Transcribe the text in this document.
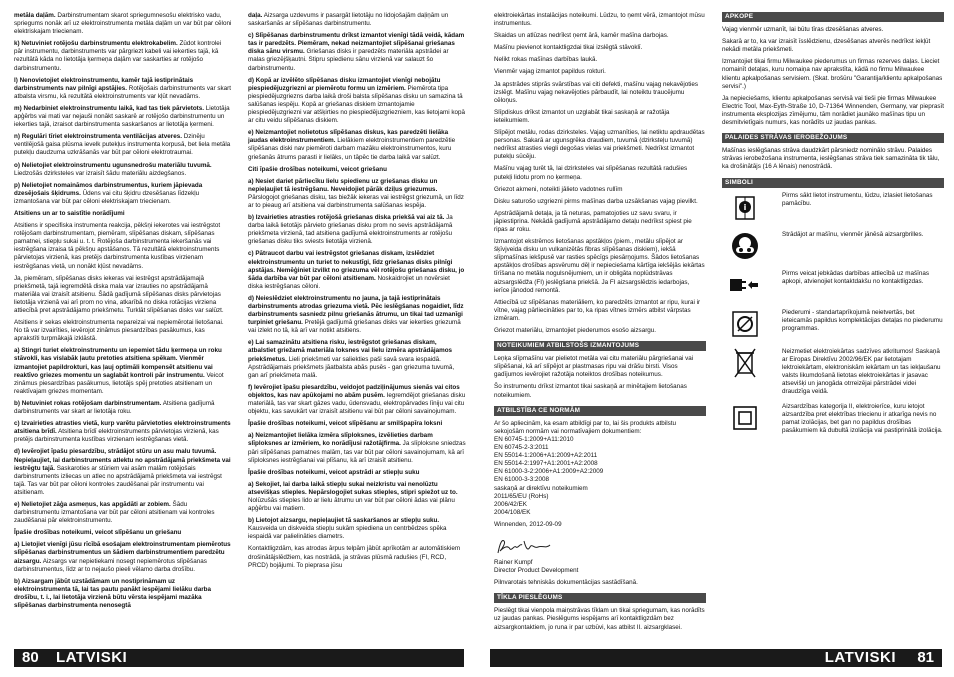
metāla daļām. Darbinstrumentam skarot spriegumnesošu elektrisko vadu, spriegums nonāk arī uz elektroinstrumenta metāla daļām un var būt par cēloni elektriskajam triecienam.

k) Netuviniet rotējošu darbinstrumentu elektrokabelim. Zūdot kontrolei pār instrumentu, darbinstruments var pārgriezt kabeli vai iekerties tajā, kā rezultātā kāda no lietotāja ķermeņa daļām var saskarties ar rotējošo darbinstrumentu.

l) Nenovietojiet elektroinstrumentu, kamēr tajā iestiprinātais darbinstruments nav pilnīgi apstājies. Rotējošais darbinstruments var skart atbalsta virsmu, kā rezultātā elektroinstruments var kļūt nevadāms.

m) Nedarbiniet elektroinstrumentu laikā, kad tas tiek pārvietots. Lietotāja apģērbs vai mati var nejauši nonākt saskarē ar rotējošo darbinstrumentu un iekerties tajā, izraisot darbinstrumenta saskaršanos ar lietotāja ķermeni.

n) Regulāri tīriet elektroinstrumenta ventilācijas atveres. Dzinēju ventilējošā gaisa plūsma ievelk putekļus instrumenta korpusā, bet liela metāla putekļu daudzuma uzkrāšanās var būt par cēloni elektrotraumai.

o) Nelietojiet elektroinstrumentu ugunsnedrošu materiālu tuvumā. Liedzošās dzirksteles var izraisīt šādu materiālu aizdegšanos.

p) Nelietojiet nomaināmos darbinstrumentus, kuriem jāpievada dzesējošais šķidrums. Ūdens vai citu šķidru dzesēšanas līdzekļu izmantošana var būt par cēloni elektriskajam triecienam.

Atsitiens un ar to saistītie norādījumi

Atsitiens ir specifiska instrumenta reakcija, pēkšņi iekerotes vai iestrēgstot rotējošam darbinstrumentam, piemēram, slīpēšanas diskam, slīpēšanas pamatnei, stiepļu sukai u. t. t. Rotējoša darbinstrumenta iekeršanās vai iestrēgšana izraisa tā pēkšņu apstāšanos. Tā rezultātā elektroinstruments pārvietojas virzienā, kas pretējs darbinstrumenta kustības virzienam iestrēgšanas vietā, un nonākt kļūst nevadāms.

Ja, piemēram, slīpēšanas disks iekeras vai iestrēgst apstrādājamajā priekšmetā, tajā iegremdētā diska mala var izrauties no apstrādājamā materiāla vai izraisīt atsitienu. Šādā gadījumā slīpēšanas disks pārvietojas lietotāja virzienā vai arī prom no vina, atkarībā no diska rotācijas virziena attiecībā pret apstrādājamo priekšmetu. Turklāt slīpēšanas disks var salūzt.

Atsitiens ir sekas elektroinstrumenta nepareizai vai nepiemērotai lietošanai. No tā var izvairīties, ievērojot zināmus piesardzības pasākumus, kas aprakstīti turpmākajā izklāstā.

a) Stingri turiet elektroinstrumentu un iepemiet tādu ķermeņa un roku stāvokli, kas vislabāk ļautu pretoties atsitiena spēkam. Vienmēr izmantojiet papildrokturi, kas ļauj optimāli kompensēt atsitienu vai reaktīvo griezes momentu un saglabāt kontroli pār instrumentu. Veicot zināmus piesardzības pasākumus, lietotājs spēj pretoties atsitienam un reaktīvajam griezes momentam.

b) Netuviniet rokas rotējošam darbinstrumentam. Atsitiena gadījumā darbinstruments var skart ar lietotāja roku.

c) Izvairieties atrasties vietā, kurp varētu pārvietoties elektroinstruments atsitiena brīdī. Atsitiena brīdī elektroinstruments pārvietojas virzienā, kas pretējs darbinstrumenta kustības virzienam iestrēgšanas vietā.

d) Ievērojiet īpašu piesardzību, strādājot stūru un asu malu tuvumā. Nepieļaujiet, lai darbinstruments atlektu no apstrādājamā priekšmeta vai iestrēgtu tajā. Saskaroties ar stūriem vai asām malām rotējošais darbinstruments izliecas un atlec no apstrādājamā priekšmeta vai iestrēgst tajā. Tas var būt par cēloni kontroles zaudēšanai pār instrumentu vai atsitienam.

e) Nelietojiet zāģa asmeņus, kas apgādāti ar zobiem. Šādu darbinstrumentu izmantošana var būt par cēloni atsitienam vai kontroles zaudēšanai pār elektroinstrumentu.

Īpašie drošības noteikumi, veicot slīpēšanu un griešanu

a) Lietojiet vienīgi jūsu rīcībā esošajam elektroinstrumentam piemērotus slīpēšanas darbinstrumentus un šādiem darbinstrumentiem paredzētu aizsargu. Aizsargs var nepietiekami nosegt nepiemērotus slīpēšanas darbinstrumentus, līdz ar to nejaušo pieeli vēlamo darba drošību.

b) Aizsargam jābūt uzstādāmam un nostiprināmam uz elektroinstrumenta tā, lai tas pautu panākt iespējami lielāku darba drošību, t. i., lai lietotāja virzienā būtu vērsta iespējami mazāka slīpēšanas darbinstrumenta nenosegtā

daļa. Aizsarga uzdevums ir pasargāt lietotāju no lidojošajām daļiņām un saskaršanās ar slīpēšanas darbinstrumentu.

c) Slīpēšanas darbinstrumentu drīkst izmantot vienīgi tādā veidā, kādam tas ir paredzēts. Piemēram, nekad neizmantojiet slīpēšanai griešanas diska sānu virsmu. Griešanas disks ir paredzēts materiāla apstrādei ar malas griezējšķautni. Stipru spiedienu sānu virzienā var salauzt šo darbinstrumentu.

d) Kopā ar izvēlēto slīpēšanas disku izmantojiet vienīgi nebojātu piespiedējuzgriezni ar piemērotu formu un izmēriem. Piemērota tipa piespiedējuzgriezns darba laikā droši balsta slīpēšanas disku un samazina tā salūšanas iespēju. Kopā ar griešanas diskiem izmantojamie piespiedējuzgriezni var atšķirties no piespiedējuzgriezniem, kas lietojami kopā ar citu veidu slīpēšanas diskiem.

e) Neizmantojiet nolietotus slīpēšanas diskus, kas paredzēti lielāka jaudas elektroinstrumentiem. Lielākiem elektroinstrumentiem paredzētie slīpēšanas diski nav piemēroti darbam mazāku elektroinstrumentos, kuru griešanās ātrums parasti ir lielāks, un tāpēc tie darba laikā var salūzt.

Citi īpašie drošības noteikumi, veicot griešanu

a) Nesiet dariet pārliecīku lielu spiedienu uz griešanas disku un nepieļaujiet tā iestrēgšanu. Neveidojiet pārāk dziļus griezumus. Pārslogojot griešanas disku, tas biežāk iekeras vai iestrēgst griezumā, un līdz ar to pieaug arī atsitiena vai darbinstrumenta salūšanas iespēja.

b) Izvairieties atrasties rotējošā griešanas diska priekšā vai aiz tā. Ja darba laikā lietotājs pārvieto griešanas disku prom no sevis apstrādājamā priekšmeta virzienā, tad atsitiena gadījumā elektroinstruments ar rotējošu griešanas disku tiks sviests lietotāja virzienā.

c) Pātraucot darbu vai iestrēgstot griešanas diskam, izslēdziet elektroinstrumentu un turiet to nekustīgi, līdz griešanas disks pilnīgi apstājas. Nemēģiniet izvilkt no griezuma vēl rotējošu griešanas disku, jo šāda darbība var būt par cēloni atsitienam. Noskaidrojiet un novērsiet diska iestrēgšanas cēloni.

d) Neieslēdziet elektroinstrumentu no jauna, ja tajā iestiprinātais darbinstruments atrodas griezuma vietā. Pēc ieslēgšanas nogaidiet, līdz darbinstruments sasniedz pilnu griešanās ātrumu, un tikai tad uzmanīgi turpiniet griešanu. Pretējā gadījumā griešanas disks var iekerties griezumā vai izlekt no tā, kā arī var notikt atsitiens.

e) Lai samazinātu atsitiena risku, iestrēgstot griešanas diskam, atbalstiet griežamā materiāla loksnes vai lielu izmēra apstrādājamos priekšmetus. Lieli priekšmeti var saliekties paši savā svara iespaidā. Apstrādājamais priekšmets jāatbalsta abās pusēs - gan griezuma tuvumā, gan arī priekšmeta malā.

f) Ievērojiet īpašu piesardzību, veidojot padziļinājumus sienās vai citos objektos, kas nav apūkojami no abām pusēm. Iegremdējot griešanas disku materiālā, tas var skart gāzes vadu, ūdensvadu, elektropārvades līniju vai citu objektu, kas savukārt var izraisīt atsitienu vai būt par cēloni savainojumam.

Īpašie drošības noteikumi, veicot slīpēšanu ar smilšpapīra loksni

a) Neizmantojiet lielāka izmēra slīploksnes, izvēlieties darbam slīploksnes ar izmēriem, ko norādījusi ražotājfirma. Ja slīploksne sniedzas pāri slīpēšanas pamatnes malām, tas var būt par cēloni savainojumam, kā arī slīploksnes iestrēgšanai vai plīšanu, kā arī izraisīt atsitienu.

Īpašie drošības noteikumi, veicot apstrādi ar stiepļu suku

a) Sekojiet, lai darba laikā stiepļu sukai neizkristu vai nenolūztu atsevišķas stieples. Nepārslogojiet sukas stieples, stipri spiežot uz to. Nolūzušās stieples lido ar lielu ātrumu un var būt par cēloni ādas vai plānu apģērbu vai matiem.

b) Lietojot aizsargu, nepieļaujiet tā saskaršanos ar stiepļu suku. Kausveida un diskveida stiepļu sukām spiediena un centrbēdzes spēka iespaidā var palielināties diametrs.

Kontaktligzdām, kas atrodas ārpus telpām jābūt aprīkotām ar automātiskiem drošinātājslēdžiem, kas nostrādā, ja strāvas plūsmā radušies (FI, RCD, PRCD) bojājumi. To pieprasa jūsu

elektroiekārtas instalācijas noteikumi. Lūdzu, to ņemt vērā, izmantojot mūsu instrumentus.

Skaidas un atlūzas nedrīkst ņemt ārā, kamēr mašīna darbojas.

Mašīnu pievienot kontaktligzdai tikai izslēgtā stāvoklī.

Nelikt rokas mašīnas darbības laukā.

Vienmēr vajag izmantot papildus rokturi.

Ja apstrādes stiprās svārstības vai citi defekti, mašīnu vajag nekavējoties izslēgt. Mašīnu vajag nekavējoties pārbaudīt, lai noteiktu traucējumu cēloņus.

Slīpdiskus drīkst izmantot un uzglabāt tikai saskaņā ar ražotāja ieteikumiem.

Slīpējot metālu, rodas dzirksteles. Vajag uzmanīties, lai netiktu apdraudētas personas. Sakarā ar ugunsgrēka draudiem, tuvumā (dzirksteļu tuvumā) nedrīkst atrasties viegli degošas vielas vai priekšmeti. Nedrīkst izmantot putekļu sūcēju.

Mašīnu vajag turēt tā, lai dzirksteles vai slīpēšanas rezultātā radušies putekļi lidotu prom no ķermeņa.

Griezot akmeni, noteikti jālieto vadotnes rullīm

Disku saturošo uzgriezni pirms mašīnas darba uzsākšanas vajag pievilkt.

Apstrādājamā detaļa, ja tā neturas, pamatojoties uz savu svaru, ir jāpiestiprina. Nekādā gadījumā apstrādājamo detaļu nedrīkst spiest pie ripas ar roku.

Izmantojot ekstrēmos lietošanas apstākļos (piem., metālu slīpējot ar šķīvjveida disku un vulkanizētās fibras slīpēšanas diskiem), iekšā slīpmašīnas iekšpusē var rasties spēcīgs piesārņojums. Šādos lietošanas apstākļos drošības apsvērumu dēļ ir nepieciešama kārtīga iekšējās iekārtas tīrīšana no metāla nogulsnējumiem, un ir obligāta noplūdstrāvas aizsargslēdža (FI) jeslēgšana priekšā. Ja FI aizsargslēdzis iedarbojas, ierīce jānodod remontā.

Attiecībā uz slīpēšanas materiāliem, ko paredzēts izmantot ar ripu, kurai ir vītne, vajag pārliecināties par to, ka ripas vītnes izmērs atbilst vārpstas izmēram.

Griezot materiālu, izmantojiet piederumos esošo aizsargu.

NOTEIKUMIEM ATBILSTOŠS IZMANTOJUMS

Leņķa slīpmašīnu var pielietot metāla vai citu materiālu pārgriešanai vai slīpēšanai, kā arī slīpējot ar plastmasas ripu vai drāšu birsti. Visos gadījumos ievērojiet ražotāja noteiktos drošības noteikumus.

Šo instrumentu drīkst izmantot tikai saskaņā ar minētajiem lietošanas noteikumiem.

ATBILSTĪBA CE NORMĀM

Ar šo apliecinām, ka esam atbildīgi par to, lai šis produkts atbilstu sekojošām normām vai normatīvajiem dokumentiem:

EN 60745-1:2009+A11:2010

EN 60745-2-3:2011

EN 55014-1:2006+A1:2009+A2:2011

EN 55014-2:1997+A1:2001+A2:2008

EN 61000-3-2:2006+A1:2009+A2:2009

EN 61000-3-3:2008

saskaņā ar direktīvu noteikumiem

2011/65/EU (RoHs)

2006/42/EK

2004/108/EK

Winnenden, 2012-09-09

Rainer Kumpf

Director Product Development

Pilnvarotais tehniskās dokumentācijas sastādīšanā.

TĪKLA PIESLĒGUMS

Pieslēgt tikai vienpola maiņstrāvas tīklam un tikai spriegumam, kas norādīts uz jaudas pankas. Pieslēgums iespējams arī kontaktligzdām bez aizsargkontaktiem, jo runa ir par uzbūvi, kas atbilst II. aizsargklasei.

APKOPE

Vajag vienmēr uzmanīt, lai būtu tīras dzesēšanas atveres.

Sakarā ar to, ka var izraisīt īsslēdzienu, dzesēšanas atverēs nedrīkst iekļūt nekādi metāla priekšmeti.

Izmantojiet tikai firmu Milwaukee piederumus un firmas rezerves daļas. Lieciet nomainīt detaļas, kuru nomaiņa nav aprakstīta, kādā no firmu Milwaukee klientu apkalpošanas servisiem. (Skat. brošūru "Garantija/klientu apkalpošanas servisi".)

Ja nepieciešams, klientu apkalpošanas servisā vai tieši pie firmas Milwaukee Electric Tool, Max-Eyth-Straße 10, D-71364 Winnenden, Germany, var pieprasīt instrumenta eksplozijas zīmējumu, tām norādiet jaunāko mašīnas tipu un desmitvietīgais numurs, kas norādīts uz jaudas pankas.

PALAIDES STRĀVAS IEROBEŽOJUMS

Mašīnas ieslēgšanas strāva daudzkārt pārsniedz nominālo strāvu. Palaides strāvas ierobežošana instrumenta, ieslēgšanas strāva tiek samazināta tik tālu, ka drošinātājs (16 A lēnais) nenostrādā.

SIMBOLI
i
Pirms sākt lietot instrumentu, lūdzu, izlasiet lietošanas pamācību.
Strādājot ar mašīnu, vienmēr jānēsā aizsargbrilles.
Pirms veicat jebkādas darbības attiecībā uz mašīnas apkopi, atvienojiet kontaktdakšu no kontaktligzdas.
Piederumi - standartaprīkojumā neietvertās, bet ieteicamās papildus komplektācijas detaļas no piederumu programmas.
Neizmetiet elektroiekārtas sadzīves atkritumos! Saskaņā ar Eiropas Direktīvu 2002/96/EK par lietotajam lektroiekārtam, elektroniskām iekārtam un tas iekļaušanu valsts likumdošanā lietotas elektroiekārtas ir jasavac atsevišķi un janogāda otrreizējai pārstrādei videi draudzīga veidā.
Aizsardzības kategorija II, elektroierīce, kuru ietojot aizsardzība pret elektrības triecienu ir atkarīga nevis no pamat izolācijas, bet gan no papildus drošības pasākumiem kā dubultā izolācija vai pastiprinātā izolācija.
80 LATVISKI	LATVISKI 81
